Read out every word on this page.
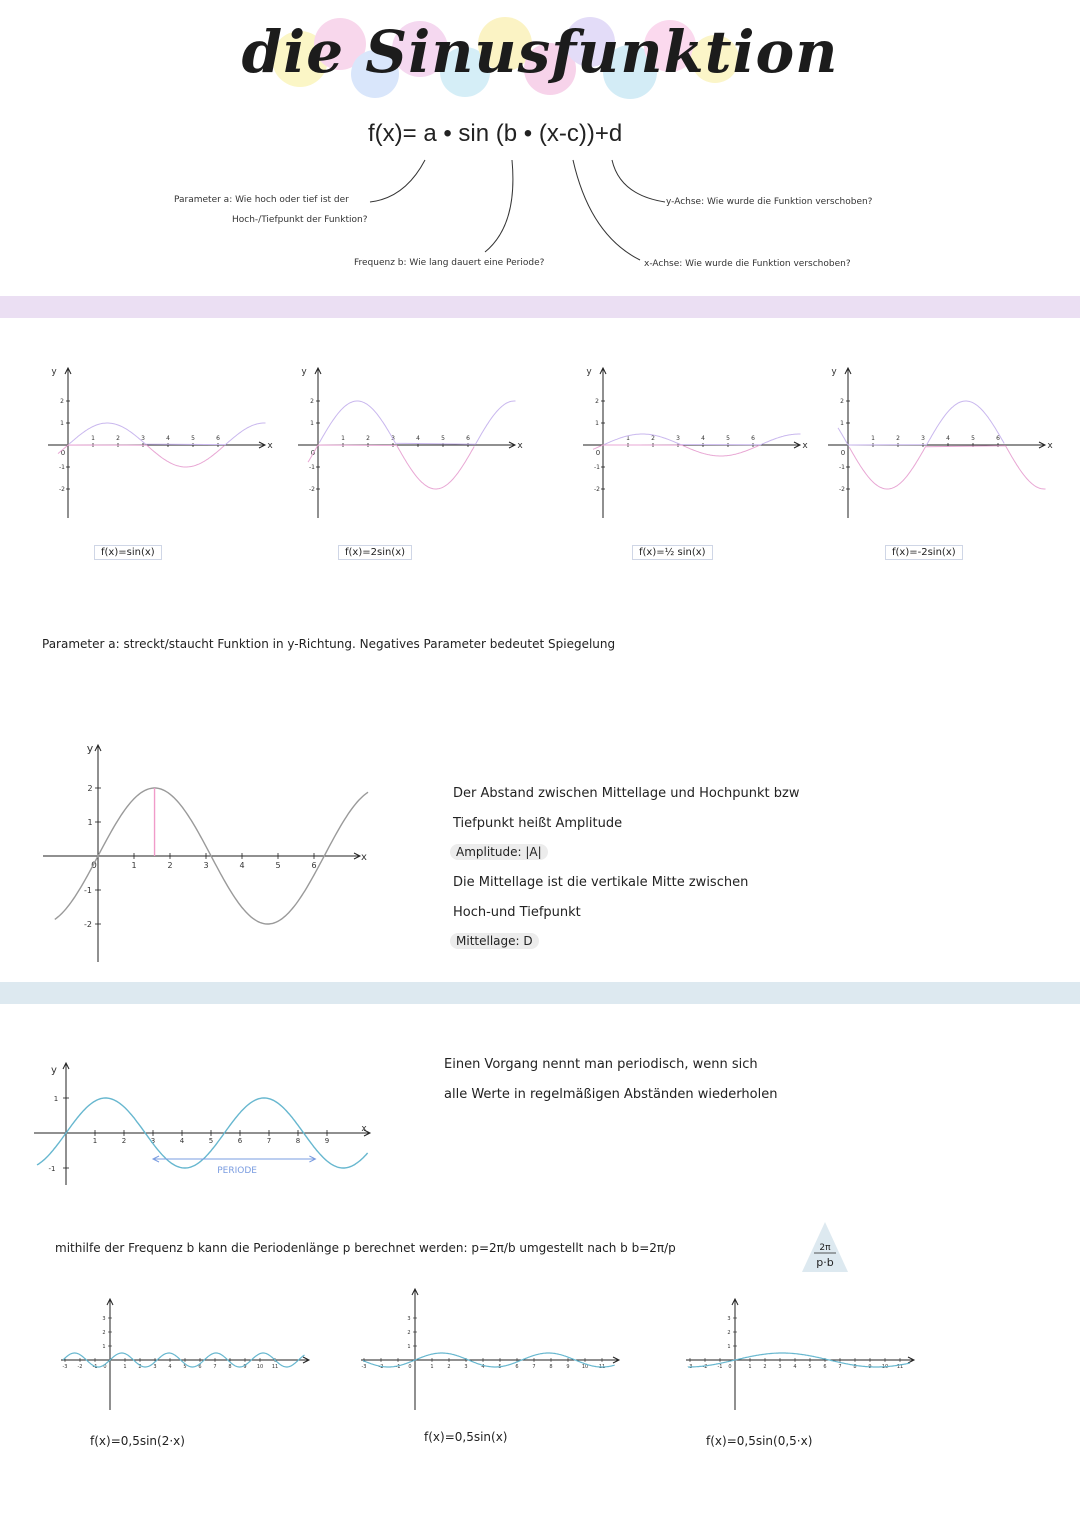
die Sinusfunktion
f(x)= a • sin (b • (x-c))+d
Parameter a: Wie hoch oder tief ist der
Hoch-/Tiefpunkt der Funktion?
Frequenz b: Wie lang dauert eine Periode?
y-Achse: Wie wurde die Funktion verschoben?
x-Achse: Wie wurde die Funktion verschoben?
y
x
0
1	2	3	4	5	6
1
2
-1
-2
y
x
0
1	2	3	4	5	6
1
2
-1
-2
y
x
0
1	2	3	4	5	6
1
2
-1
-2
y
x
0
1	2	3	4	5	6
1
2
-1
-2
f(x)=sin(x)	f(x)=2sin(x)	f(x)=½ sin(x)	f(x)=-2sin(x)
Parameter a: streckt/staucht Funktion in y-Richtung. Negatives Parameter bedeutet Spiegelung
y
x
0	1	2	3	4	5	6
1
2
-1
-2
Der Abstand zwischen Mittellage und Hochpunkt bzw
Tiefpunkt heißt Amplitude
Amplitude: |A|
Die Mittellage ist die vertikale Mitte zwischen
Hoch-und Tiefpunkt
Mittellage: D
y
x
1	2	3	4	5	6	7	8	9
1
-1	PERIODE
Einen Vorgang nennt man periodisch, wenn sich
alle Werte in regelmäßigen Abständen wiederholen
mithilfe der Frequenz b kann die Periodenlänge p berechnet werden: p=2π/b umgestellt nach b b=2π/p	2π
p·b
-3 -2 -1	1 2 3 4 5 6 7 8 9 10 11
1
2
3
0	-3 -2 -1	1	2	3	4	5	6	7	8	9 10 11
1
2
3
0	-3 -2 -1	1 2 3 4 5 6 7 8 9 10 11
1
2
3
0
f(x)=0,5sin(2·x)	f(x)=0,5sin(x)	f(x)=0,5sin(0,5·x)
